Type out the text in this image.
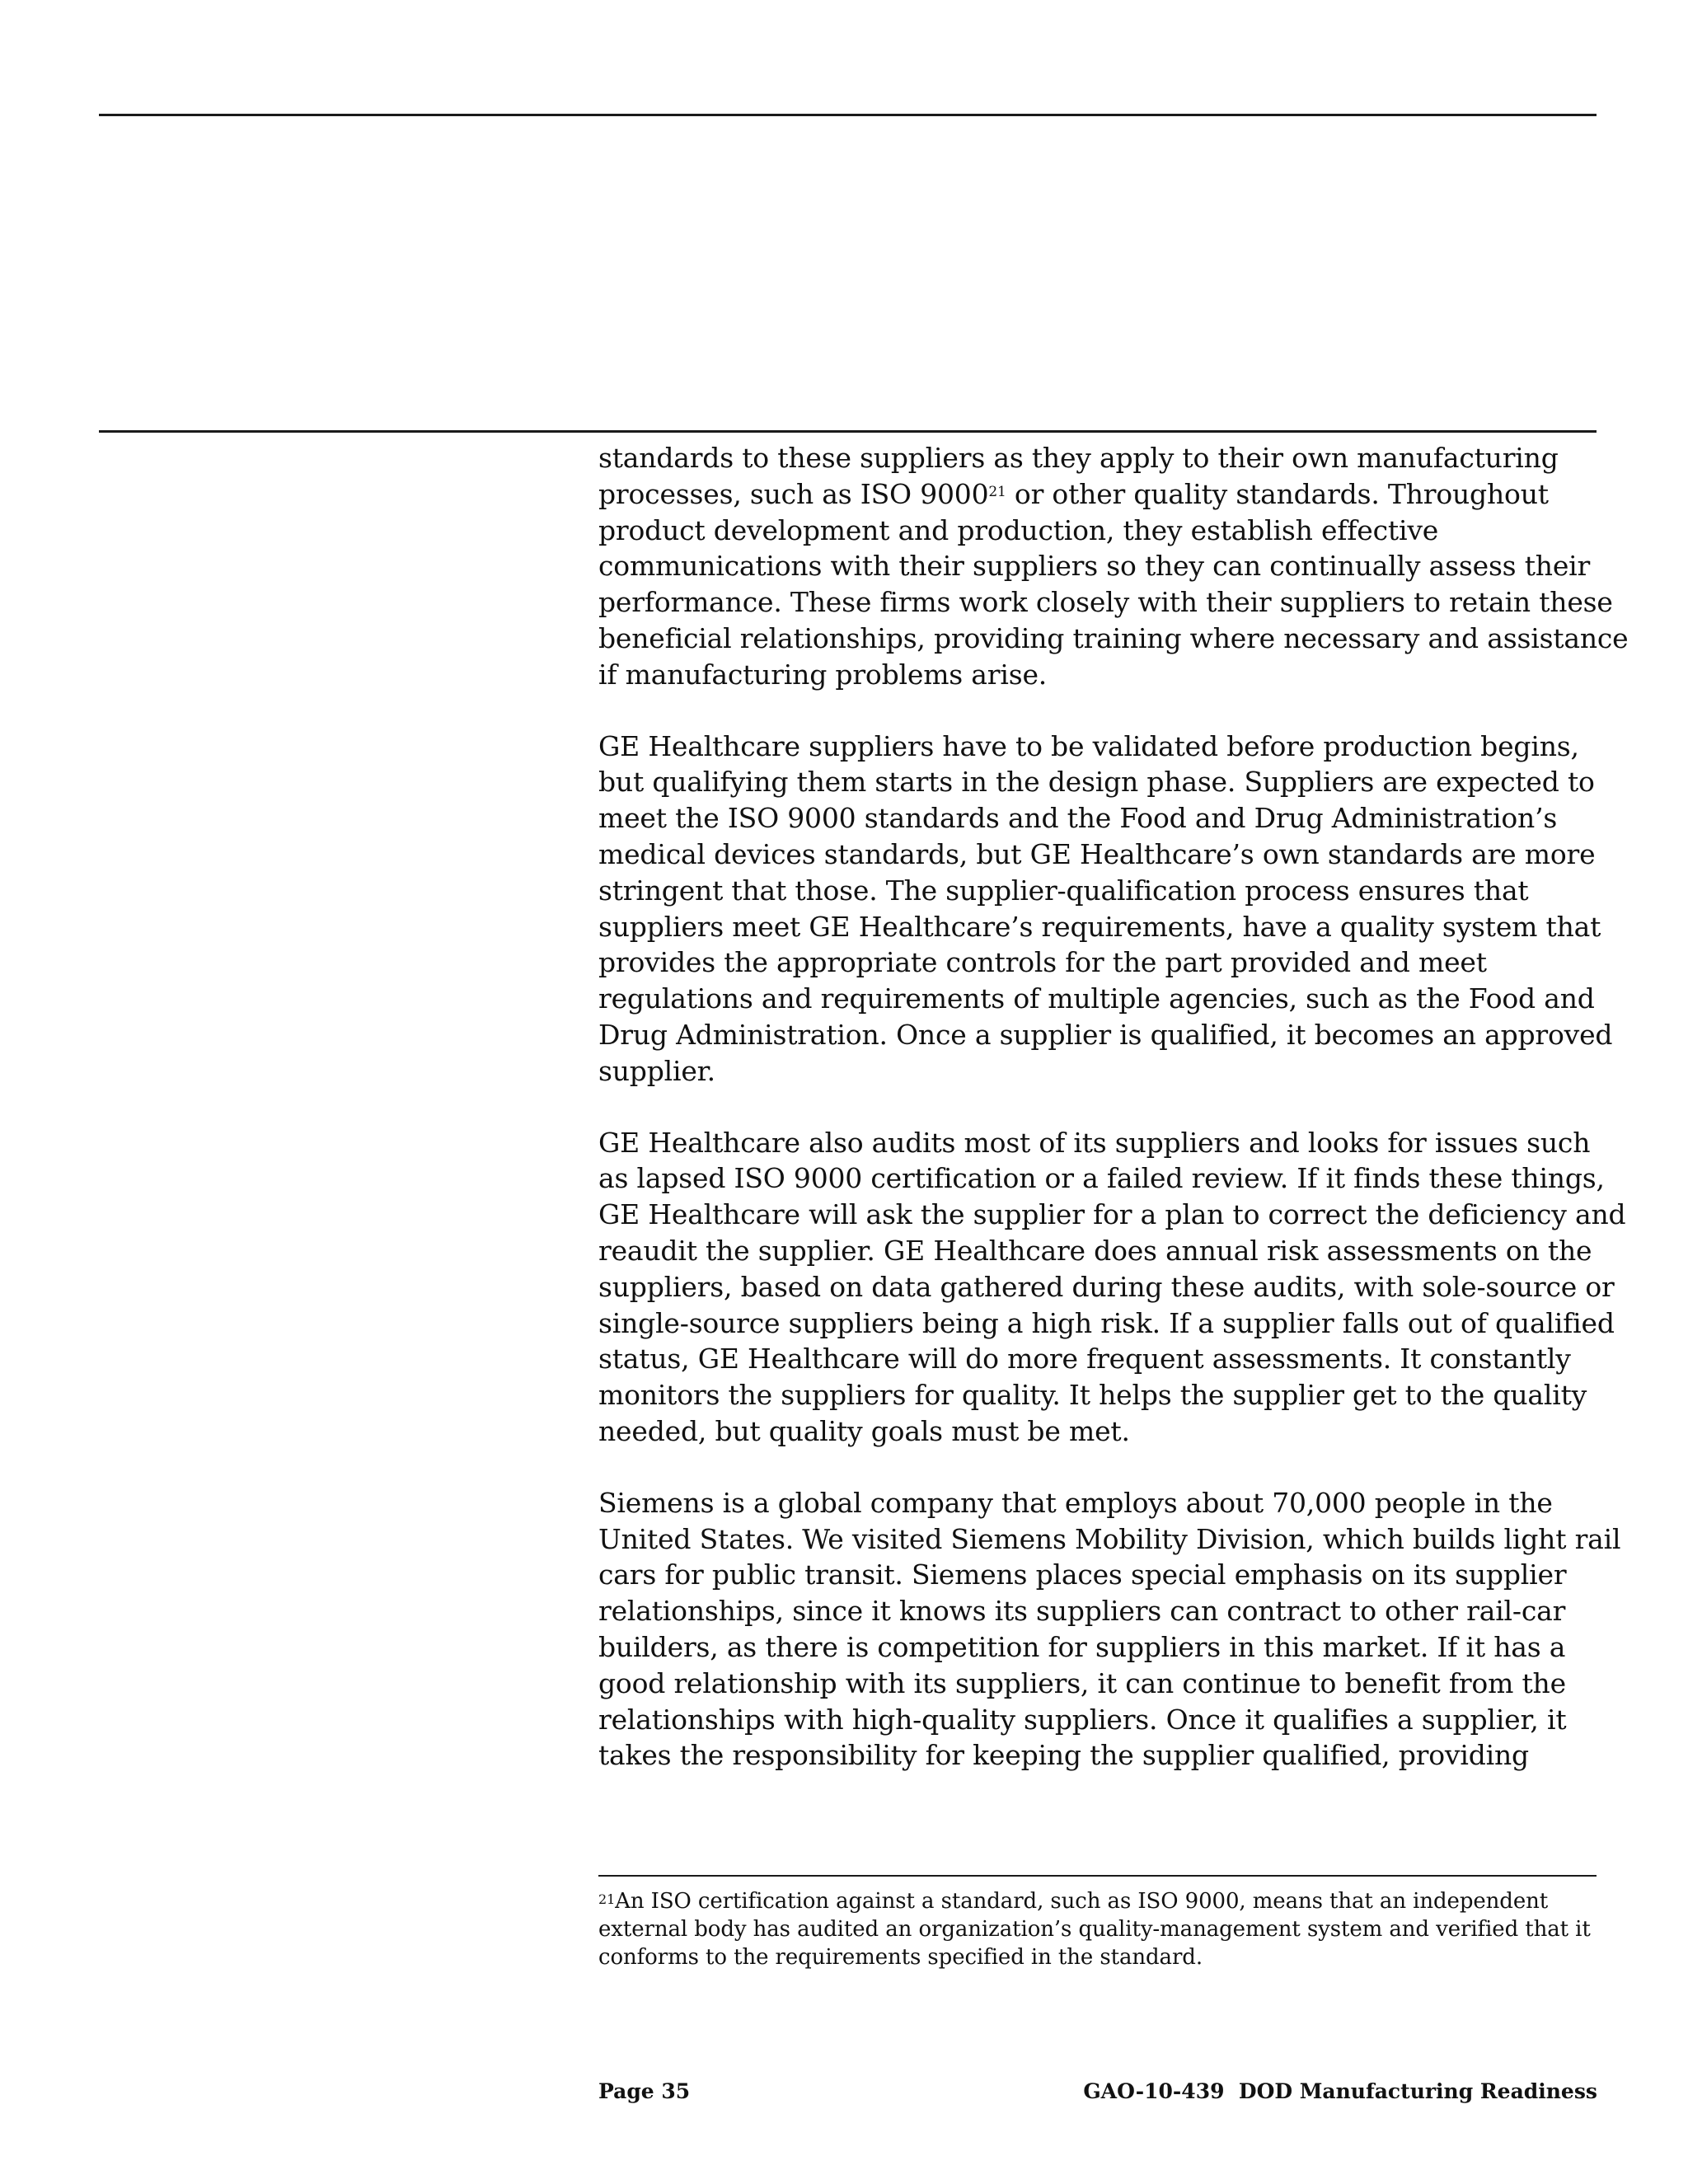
standards to these suppliers as they apply to their own manufacturing
processes, such as ISO 9000$^{21}$ or other quality standards. Throughout
product development and production, they establish effective
communications with their suppliers so they can continually assess their
performance. These firms work closely with their suppliers to retain these
beneficial relationships, providing training where necessary and assistance
if manufacturing problems arise.

GE Healthcare suppliers have to be validated before production begins,
but qualifying them starts in the design phase. Suppliers are expected to
meet the ISO 9000 standards and the Food and Drug Administration’s
medical devices standards, but GE Healthcare’s own standards are more
stringent that those. The supplier-qualification process ensures that
suppliers meet GE Healthcare’s requirements, have a quality system that
provides the appropriate controls for the part provided and meet
regulations and requirements of multiple agencies, such as the Food and
Drug Administration. Once a supplier is qualified, it becomes an approved
supplier.

GE Healthcare also audits most of its suppliers and looks for issues such
as lapsed ISO 9000 certification or a failed review. If it finds these things,
GE Healthcare will ask the supplier for a plan to correct the deficiency and
reaudit the supplier. GE Healthcare does annual risk assessments on the
suppliers, based on data gathered during these audits, with sole-source or
single-source suppliers being a high risk. If a supplier falls out of qualified
status, GE Healthcare will do more frequent assessments. It constantly
monitors the suppliers for quality. It helps the supplier get to the quality
needed, but quality goals must be met.

Siemens is a global company that employs about 70,000 people in the
United States. We visited Siemens Mobility Division, which builds light rail
cars for public transit. Siemens places special emphasis on its supplier
relationships, since it knows its suppliers can contract to other rail-car
builders, as there is competition for suppliers in this market. If it has a
good relationship with its suppliers, it can continue to benefit from the
relationships with high-quality suppliers. Once it qualifies a supplier, it
takes the responsibility for keeping the supplier qualified, providing

$^{21}$An ISO certification against a standard, such as ISO 9000, means that an independent
external body has audited an organization’s quality-management system and verified that it
conforms to the requirements specified in the standard.
Page 35	GAO-10-439  DOD Manufacturing Readiness
